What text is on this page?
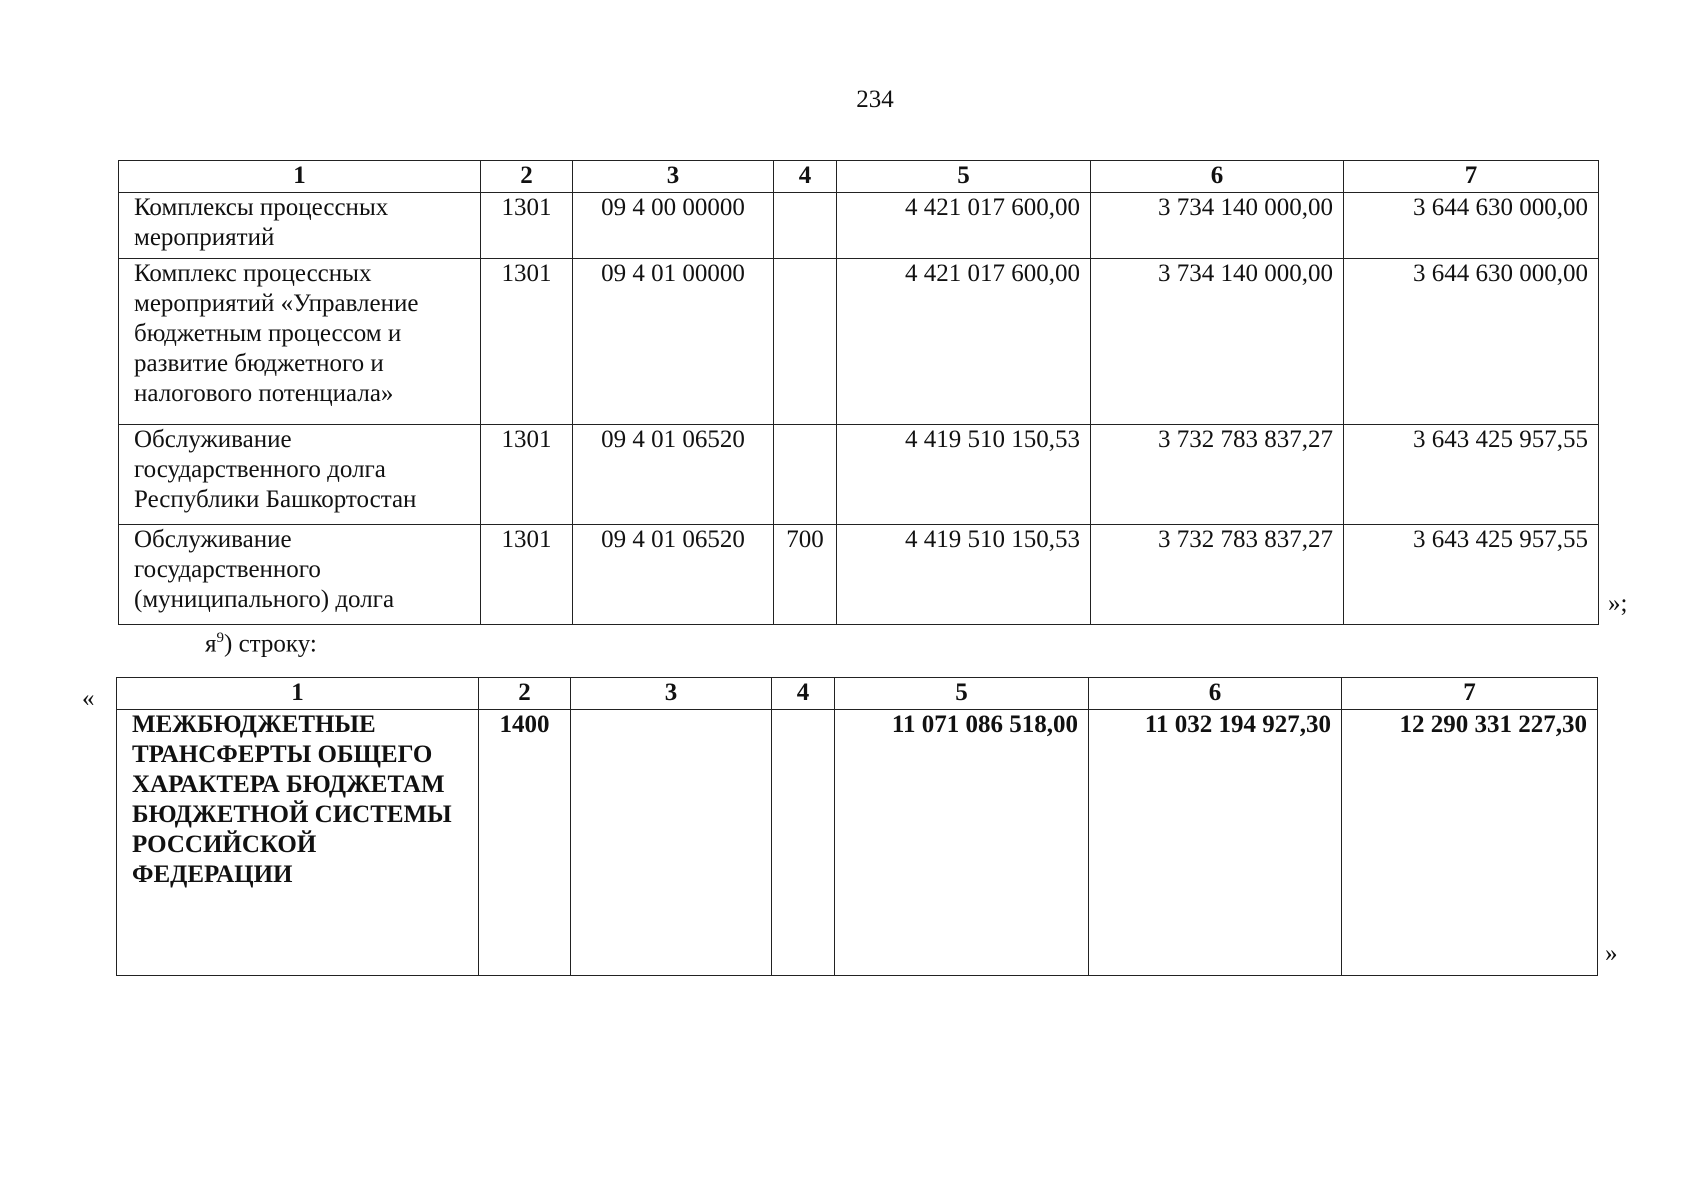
234
1	2	3	4	5	6	7
Комплексы процессных мероприятий	1301	09 4 00 00000		4 421 017 600,00	3 734 140 000,00	3 644 630 000,00
Комплекс процессных мероприятий «Управление бюджетным процессом и развитие бюджетного и налогового потенциала»	1301	09 4 01 00000		4 421 017 600,00	3 734 140 000,00	3 644 630 000,00
Обслуживание государственного долга Республики Башкортостан	1301	09 4 01 06520		4 419 510 150,53	3 732 783 837,27	3 643 425 957,55
Обслуживание государственного (муниципального) долга	1301	09 4 01 06520	700	4 419 510 150,53	3 732 783 837,27	3 643 425 957,55
»;
$я^9$) строку:
«	1	2	3	4	5	6	7
МЕЖБЮДЖЕТНЫЕ ТРАНСФЕРТЫ ОБЩЕГО ХАРАКТЕРА БЮДЖЕТАМ БЮДЖЕТНОЙ СИСТЕМЫ РОССИЙСКОЙ ФЕДЕРАЦИИ	1400			11 071 086 518,00	11 032 194 927,30	12 290 331 227,30
»
